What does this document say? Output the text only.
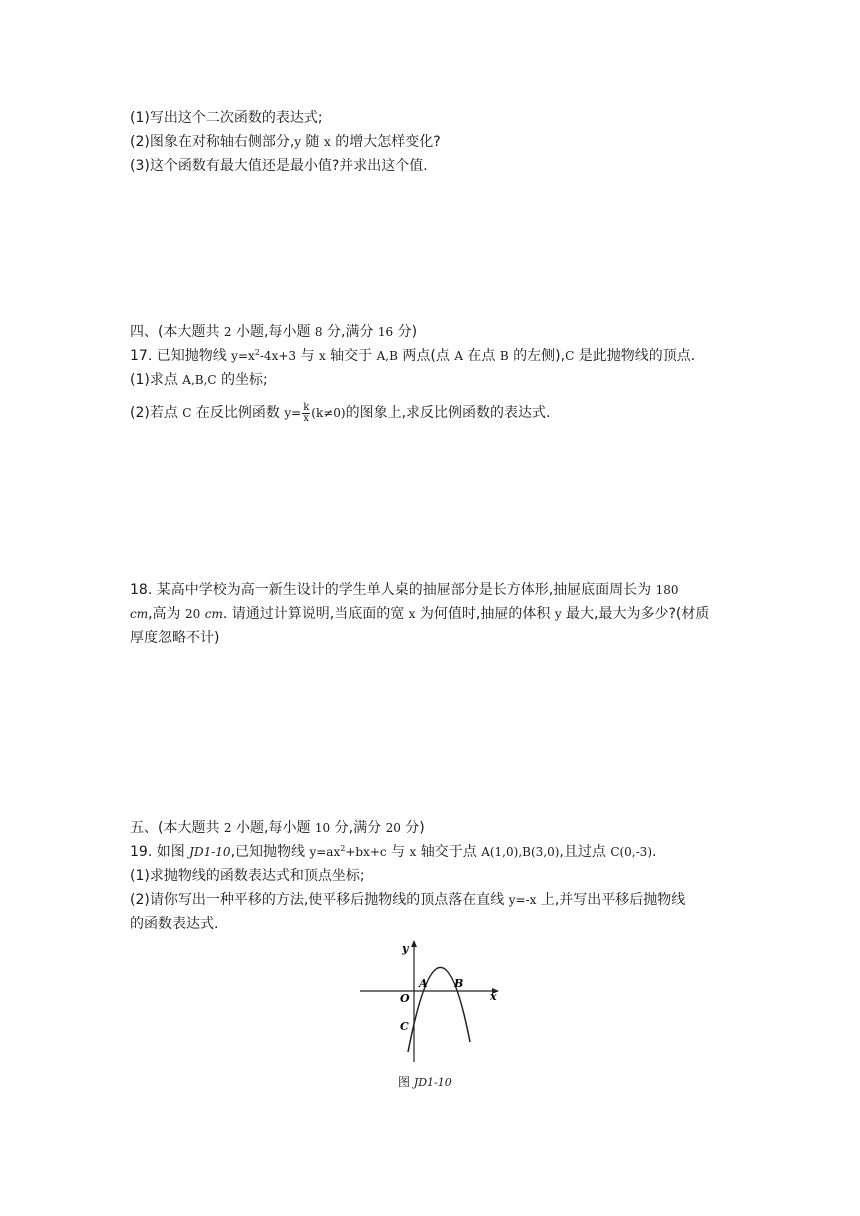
(1)写出这个二次函数的表达式;
(2)图象在对称轴右侧部分,y 随 x 的增大怎样变化?
(3)这个函数有最大值还是最小值?并求出这个值.
四、(本大题共 2 小题,每小题 8 分,满分 16 分)
17. 已知抛物线 $y=x^2-4x+3$ 与 x 轴交于 A,B 两点(点 A 在点 B 的左侧),C 是此抛物线的顶点.
(1)求点 A,B,C 的坐标;
(2)若点 C 在反比例函数 $y= \frac{k}{x} (k\ne 0)$的图象上,求反比例函数的表达式.
18. 某高中学校为高一新生设计的学生单人桌的抽屉部分是长方体形,抽屉底面周长为 180
cm,高为 20 cm. 请通过计算说明,当底面的宽 x 为何值时,抽屉的体积 y 最大,最大为多少?(材质
厚度忽略不计)
五、(本大题共 2 小题,每小题 10 分,满分 20 分)
19. 如图 JD1-10,已知抛物线 $y=ax^2+bx+c$ 与 x 轴交于点 A(1,0),B(3,0),且过点 C(0,-3).
(1)求抛物线的函数表达式和顶点坐标;
(2)请你写出一种平移的方法,使平移后抛物线的顶点落在直线 y=-x 上,并写出平移后抛物线
的函数表达式.
y
x
O
A B
C
图 JD1-10
